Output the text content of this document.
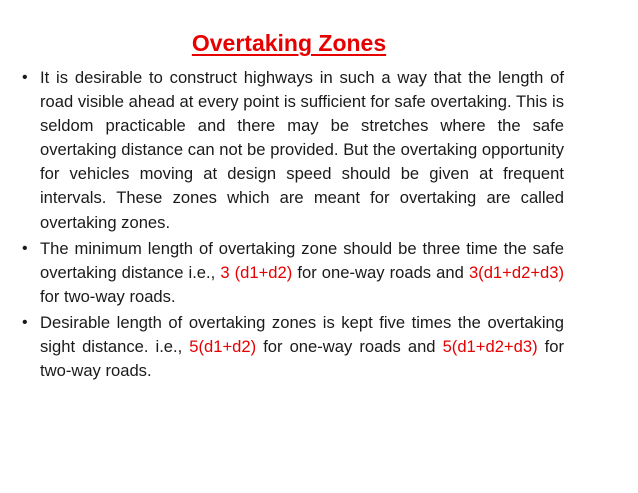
Overtaking Zones
• It is desirable to construct highways in such a way that the length of road visible ahead at every point is sufficient for safe overtaking. This is seldom practicable and there may be stretches where the safe overtaking distance can not be provided. But the overtaking opportunity for vehicles moving at design speed should be given at frequent intervals. These zones which are meant for overtaking are called overtaking zones.
• The minimum length of overtaking zone should be three time the safe overtaking distance i.e., 3 (d1+d2) for one-way roads and 3(d1+d2+d3) for two-way roads.
• Desirable length of overtaking zones is kept five times the overtaking sight distance. i.e., 5(d1+d2) for one-way roads and 5(d1+d2+d3) for two-way roads.
